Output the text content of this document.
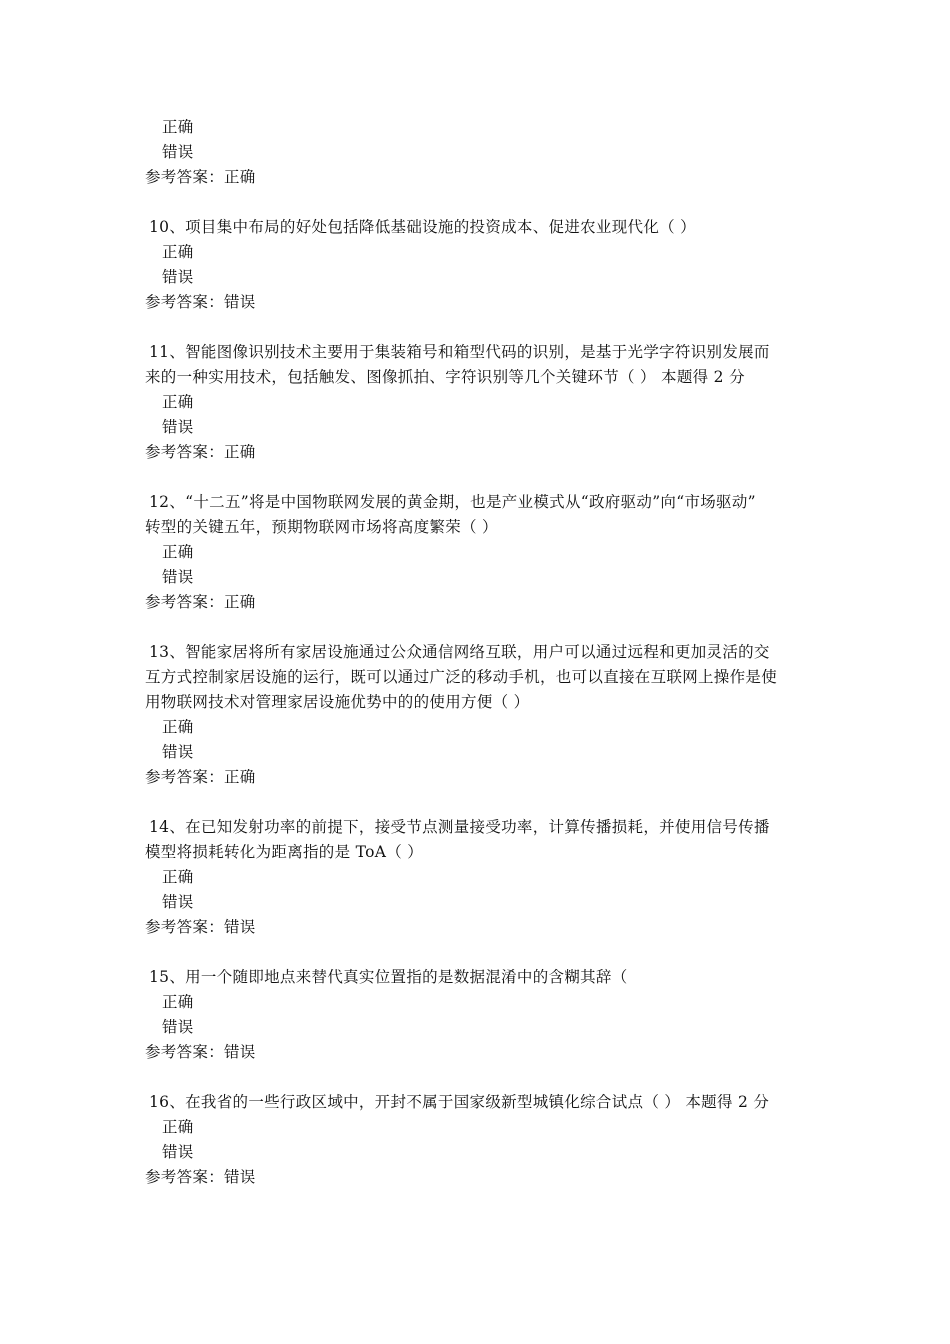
正确
错误
参考答案：正确
10、项目集中布局的好处包括降低基础设施的投资成本、促进农业现代化（ ）
正确
错误
参考答案：错误
11、智能图像识别技术主要用于集装箱号和箱型代码的识别，是基于光学字符识别发展而
来的一种实用技术，包括触发、图像抓拍、字符识别等几个关键环节（ ） 本题得 2 分
正确
错误
参考答案：正确
12、“十二五”将是中国物联网发展的黄金期，也是产业模式从“政府驱动”向“市场驱动”
转型的关键五年，预期物联网市场将高度繁荣（ ）
正确
错误
参考答案：正确
13、智能家居将所有家居设施通过公众通信网络互联，用户可以通过远程和更加灵活的交
互方式控制家居设施的运行，既可以通过广泛的移动手机，也可以直接在互联网上操作是使
用物联网技术对管理家居设施优势中的的使用方便（ ）
正确
错误
参考答案：正确
14、在已知发射功率的前提下，接受节点测量接受功率，计算传播损耗，并使用信号传播
模型将损耗转化为距离指的是 ToA（ ）
正确
错误
参考答案：错误
15、用一个随即地点来替代真实位置指的是数据混淆中的含糊其辞（
正确
错误
参考答案：错误
16、在我省的一些行政区域中，开封不属于国家级新型城镇化综合试点（ ） 本题得 2 分
正确
错误
参考答案：错误
